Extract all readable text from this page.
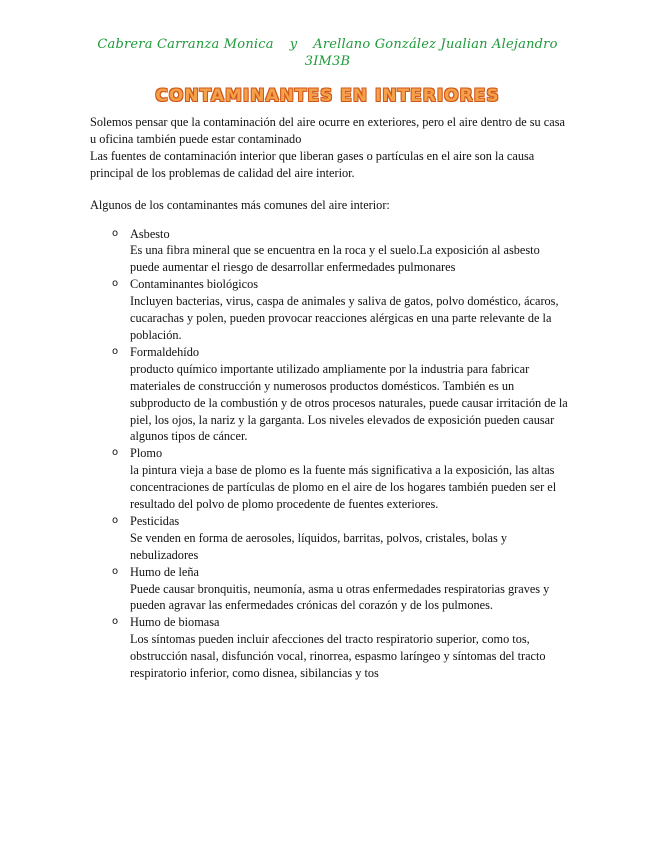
Cabrera Carranza Monica y Arellano González Jualian Alejandro
3IM3B
CONTAMINANTES EN INTERIORES

Solemos pensar que la contaminación del aire ocurre en exteriores, pero el aire dentro de su casa u oficina también puede estar contaminado

Las fuentes de contaminación interior que liberan gases o partículas en el aire son la causa principal de los problemas de calidad del aire interior.

Algunos de los contaminantes más comunes del aire interior:

o Asbesto
Es una fibra mineral que se encuentra en la roca y el suelo.La exposición al asbesto puede aumentar el riesgo de desarrollar enfermedades pulmonares
o Contaminantes biológicos
Incluyen bacterias, virus, caspa de animales y saliva de gatos, polvo doméstico, ácaros, cucarachas y polen, pueden provocar reacciones alérgicas en una parte relevante de la población.
o Formaldehído
producto químico importante utilizado ampliamente por la industria para fabricar materiales de construcción y numerosos productos domésticos. También es un subproducto de la combustión y de otros procesos naturales, puede causar irritación de la piel, los ojos, la nariz y la garganta. Los niveles elevados de exposición pueden causar algunos tipos de cáncer.
o Plomo
la pintura vieja a base de plomo es la fuente más significativa a la exposición, las altas concentraciones de partículas de plomo en el aire de los hogares también pueden ser el resultado del polvo de plomo procedente de fuentes exteriores.
o Pesticidas
Se venden en forma de aerosoles, líquidos, barritas, polvos, cristales, bolas y nebulizadores
o Humo de leña
Puede causar bronquitis, neumonía, asma u otras enfermedades respiratorias graves y pueden agravar las enfermedades crónicas del corazón y de los pulmones.
o Humo de biomasa
Los síntomas pueden incluir afecciones del tracto respiratorio superior, como tos, obstrucción nasal, disfunción vocal, rinorrea, espasmo laríngeo y síntomas del tracto respiratorio inferior, como disnea, sibilancias y tos
